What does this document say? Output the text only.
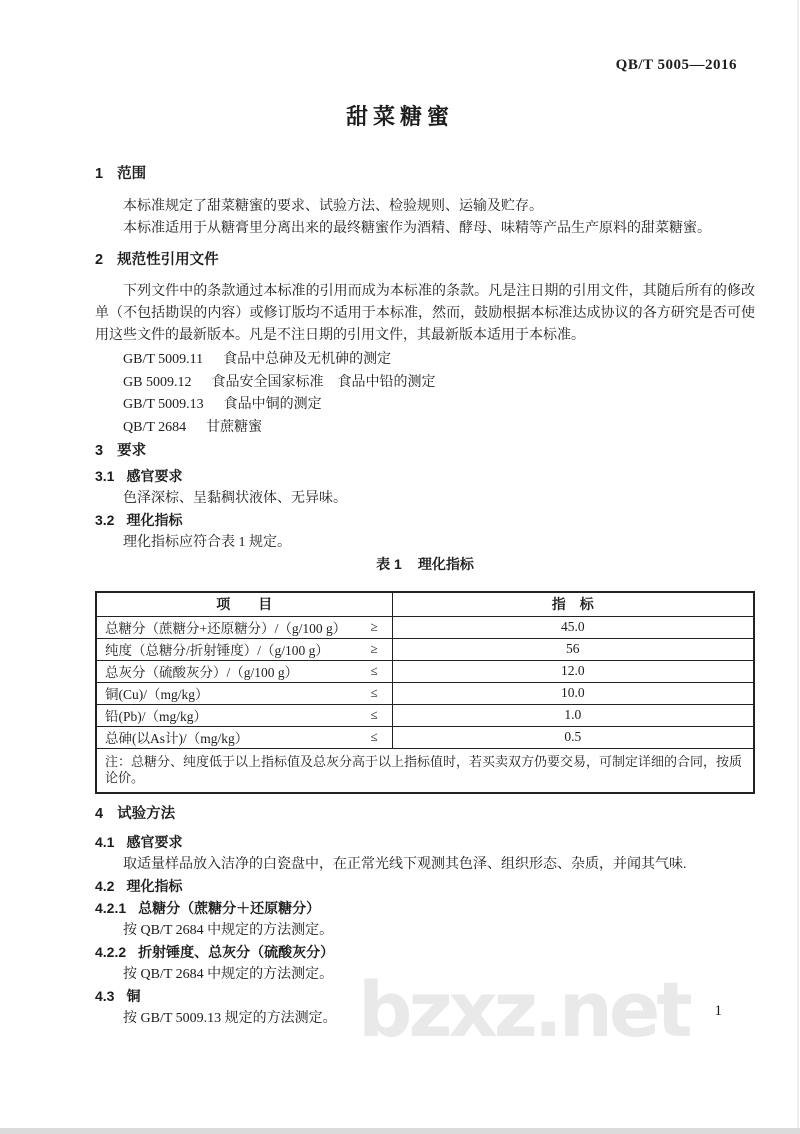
bzxz.net
QB/T 5005—2016
甜菜糖蜜
1 范围

本标准规定了甜菜糖蜜的要求、试验方法、检验规则、运输及贮存。

本标准适用于从糖膏里分离出来的最终糖蜜作为酒精、酵母、味精等产品生产原料的甜菜糖蜜。

2 规范性引用文件

下列文件中的条款通过本标准的引用而成为本标准的条款。凡是注日期的引用文件，其随后所有的修改单（不包括勘误的内容）或修订版均不适用于本标准，然而，鼓励根据本标准达成协议的各方研究是否可使用这些文件的最新版本。凡是不注日期的引用文件，其最新版本适用于本标准。

GB/T 5009.11 食品中总砷及无机砷的测定
GB 5009.12 食品安全国家标准　食品中铅的测定
GB/T 5009.13 食品中铜的测定
QB/T 2684 甘蔗糖蜜
3 要求
3.1 感官要求

色泽深棕、呈黏稠状液体、无异味。

3.2 理化指标

理化指标应符合表 1 规定。

表 1 理化指标
项　　目	指　标

总糖分（蔗糖分+还原糖分）/（g/100 g） ≥	45.0

纯度（总糖分/折射锤度）/（g/100 g） ≥	56

总灰分（硫酸灰分）/（g/100 g） ≤	12.0

铜(Cu)/（mg/kg） ≤	10.0

铅(Pb)/（mg/kg） ≤	1.0

总砷(以As计)/（mg/kg） ≤	0.5
注：总糖分、纯度低于以上指标值及总灰分高于以上指标值时，若买卖双方仍要交易，可制定详细的合同，按质论价。	
4 试验方法
4.1 感官要求

取适量样品放入洁净的白瓷盘中，在正常光线下观测其色泽、组织形态、杂质，并闻其气味.

4.2 理化指标
4.2.1 总糖分（蔗糖分＋还原糖分）

按 QB/T 2684 中规定的方法测定。

4.2.2 折射锤度、总灰分（硫酸灰分）

按 QB/T 2684 中规定的方法测定。

4.3 铜

按 GB/T 5009.13 规定的方法测定。	1
